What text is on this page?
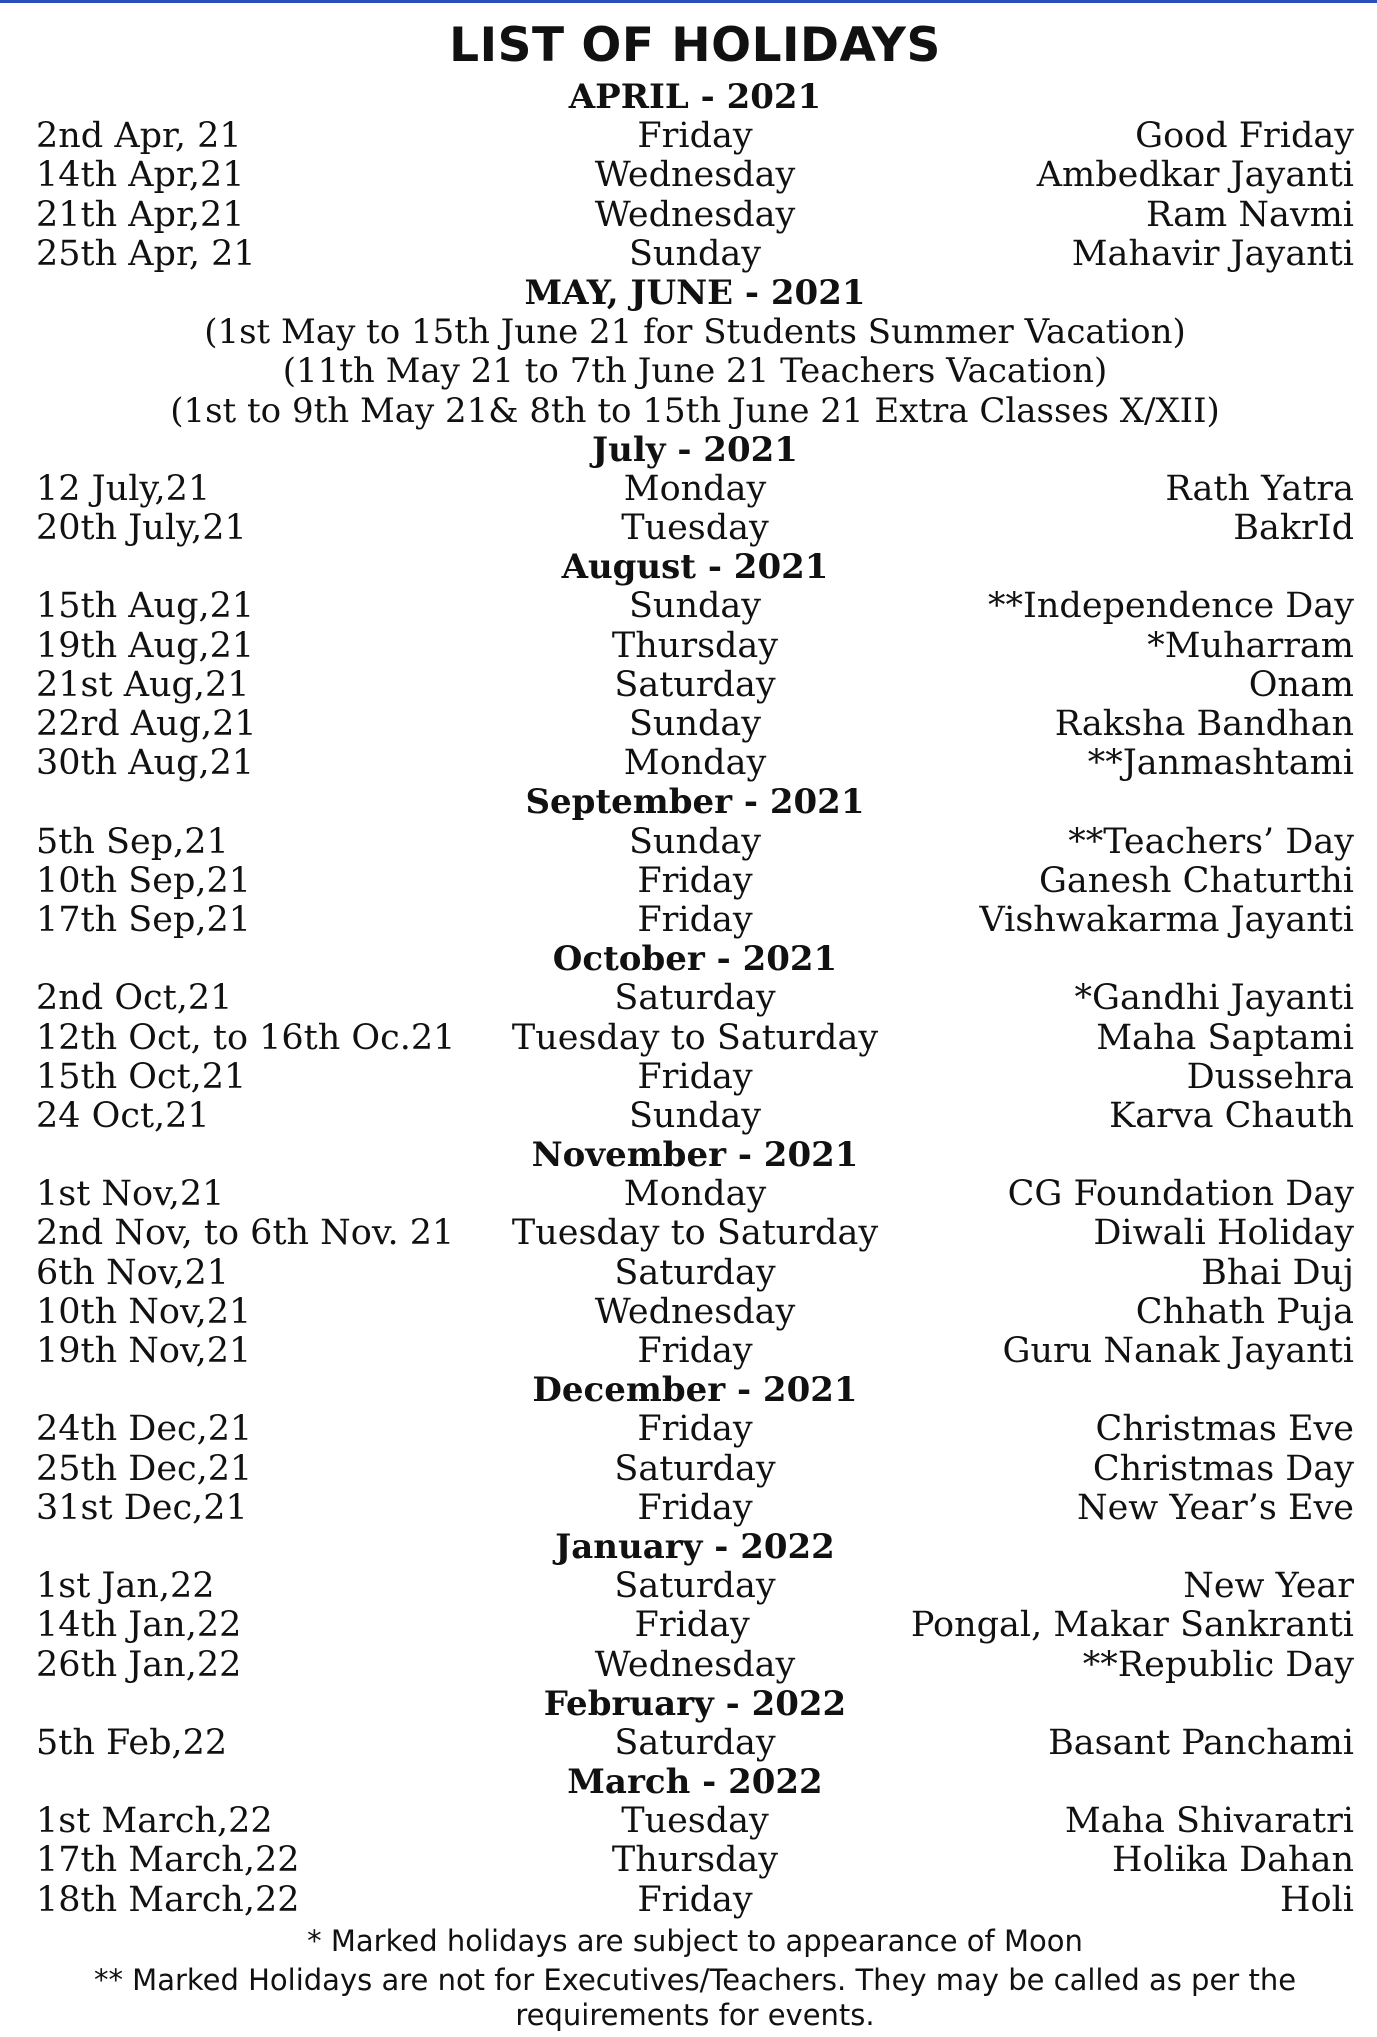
LIST OF HOLIDAYS
APRIL - 2021
2nd Apr, 21	Friday	Good Friday
14th Apr,21	Wednesday	Ambedkar Jayanti
21th Apr,21	Wednesday	Ram Navmi
25th Apr, 21	Sunday	Mahavir Jayanti
MAY, JUNE - 2021
(1st May to 15th June 21 for Students Summer Vacation)
(11th May 21 to 7th June 21 Teachers Vacation)
(1st to 9th May 21& 8th to 15th June 21 Extra Classes X/XII)
July - 2021
12 July,21	Monday	Rath Yatra
20th July,21	Tuesday	BakrId
August - 2021
15th Aug,21	Sunday	**Independence Day
19th Aug,21	Thursday	*Muharram
21st Aug,21	Saturday	Onam
22rd Aug,21	Sunday	Raksha Bandhan
30th Aug,21	Monday	**Janmashtami
September - 2021
5th Sep,21	Sunday	**Teachers’ Day
10th Sep,21	Friday	Ganesh Chaturthi
17th Sep,21	Friday	Vishwakarma Jayanti
October - 2021
2nd Oct,21	Saturday	*Gandhi Jayanti
12th Oct, to 16th Oc.21	Tuesday to Saturday	Maha Saptami
15th Oct,21	Friday	Dussehra
24 Oct,21	Sunday	Karva Chauth
November - 2021
1st Nov,21	Monday	CG Foundation Day
2nd Nov, to 6th Nov. 21	Tuesday to Saturday	Diwali Holiday
6th Nov,21	Saturday	Bhai Duj
10th Nov,21	Wednesday	Chhath Puja
19th Nov,21	Friday	Guru Nanak Jayanti
December - 2021
24th Dec,21	Friday	Christmas Eve
25th Dec,21	Saturday	Christmas Day
31st Dec,21	Friday	New Year’s Eve
January - 2022
1st Jan,22	Saturday	New Year
14th Jan,22	Friday	Pongal, Makar Sankranti
26th Jan,22	Wednesday	**Republic Day
February - 2022
5th Feb,22	Saturday	Basant Panchami
March - 2022
1st March,22	Tuesday	Maha Shivaratri
17th March,22	Thursday	Holika Dahan
18th March,22	Friday	Holi
* Marked holidays are subject to appearance of Moon
** Marked Holidays are not for Executives/Teachers. They may be called as per the requirements for events.
